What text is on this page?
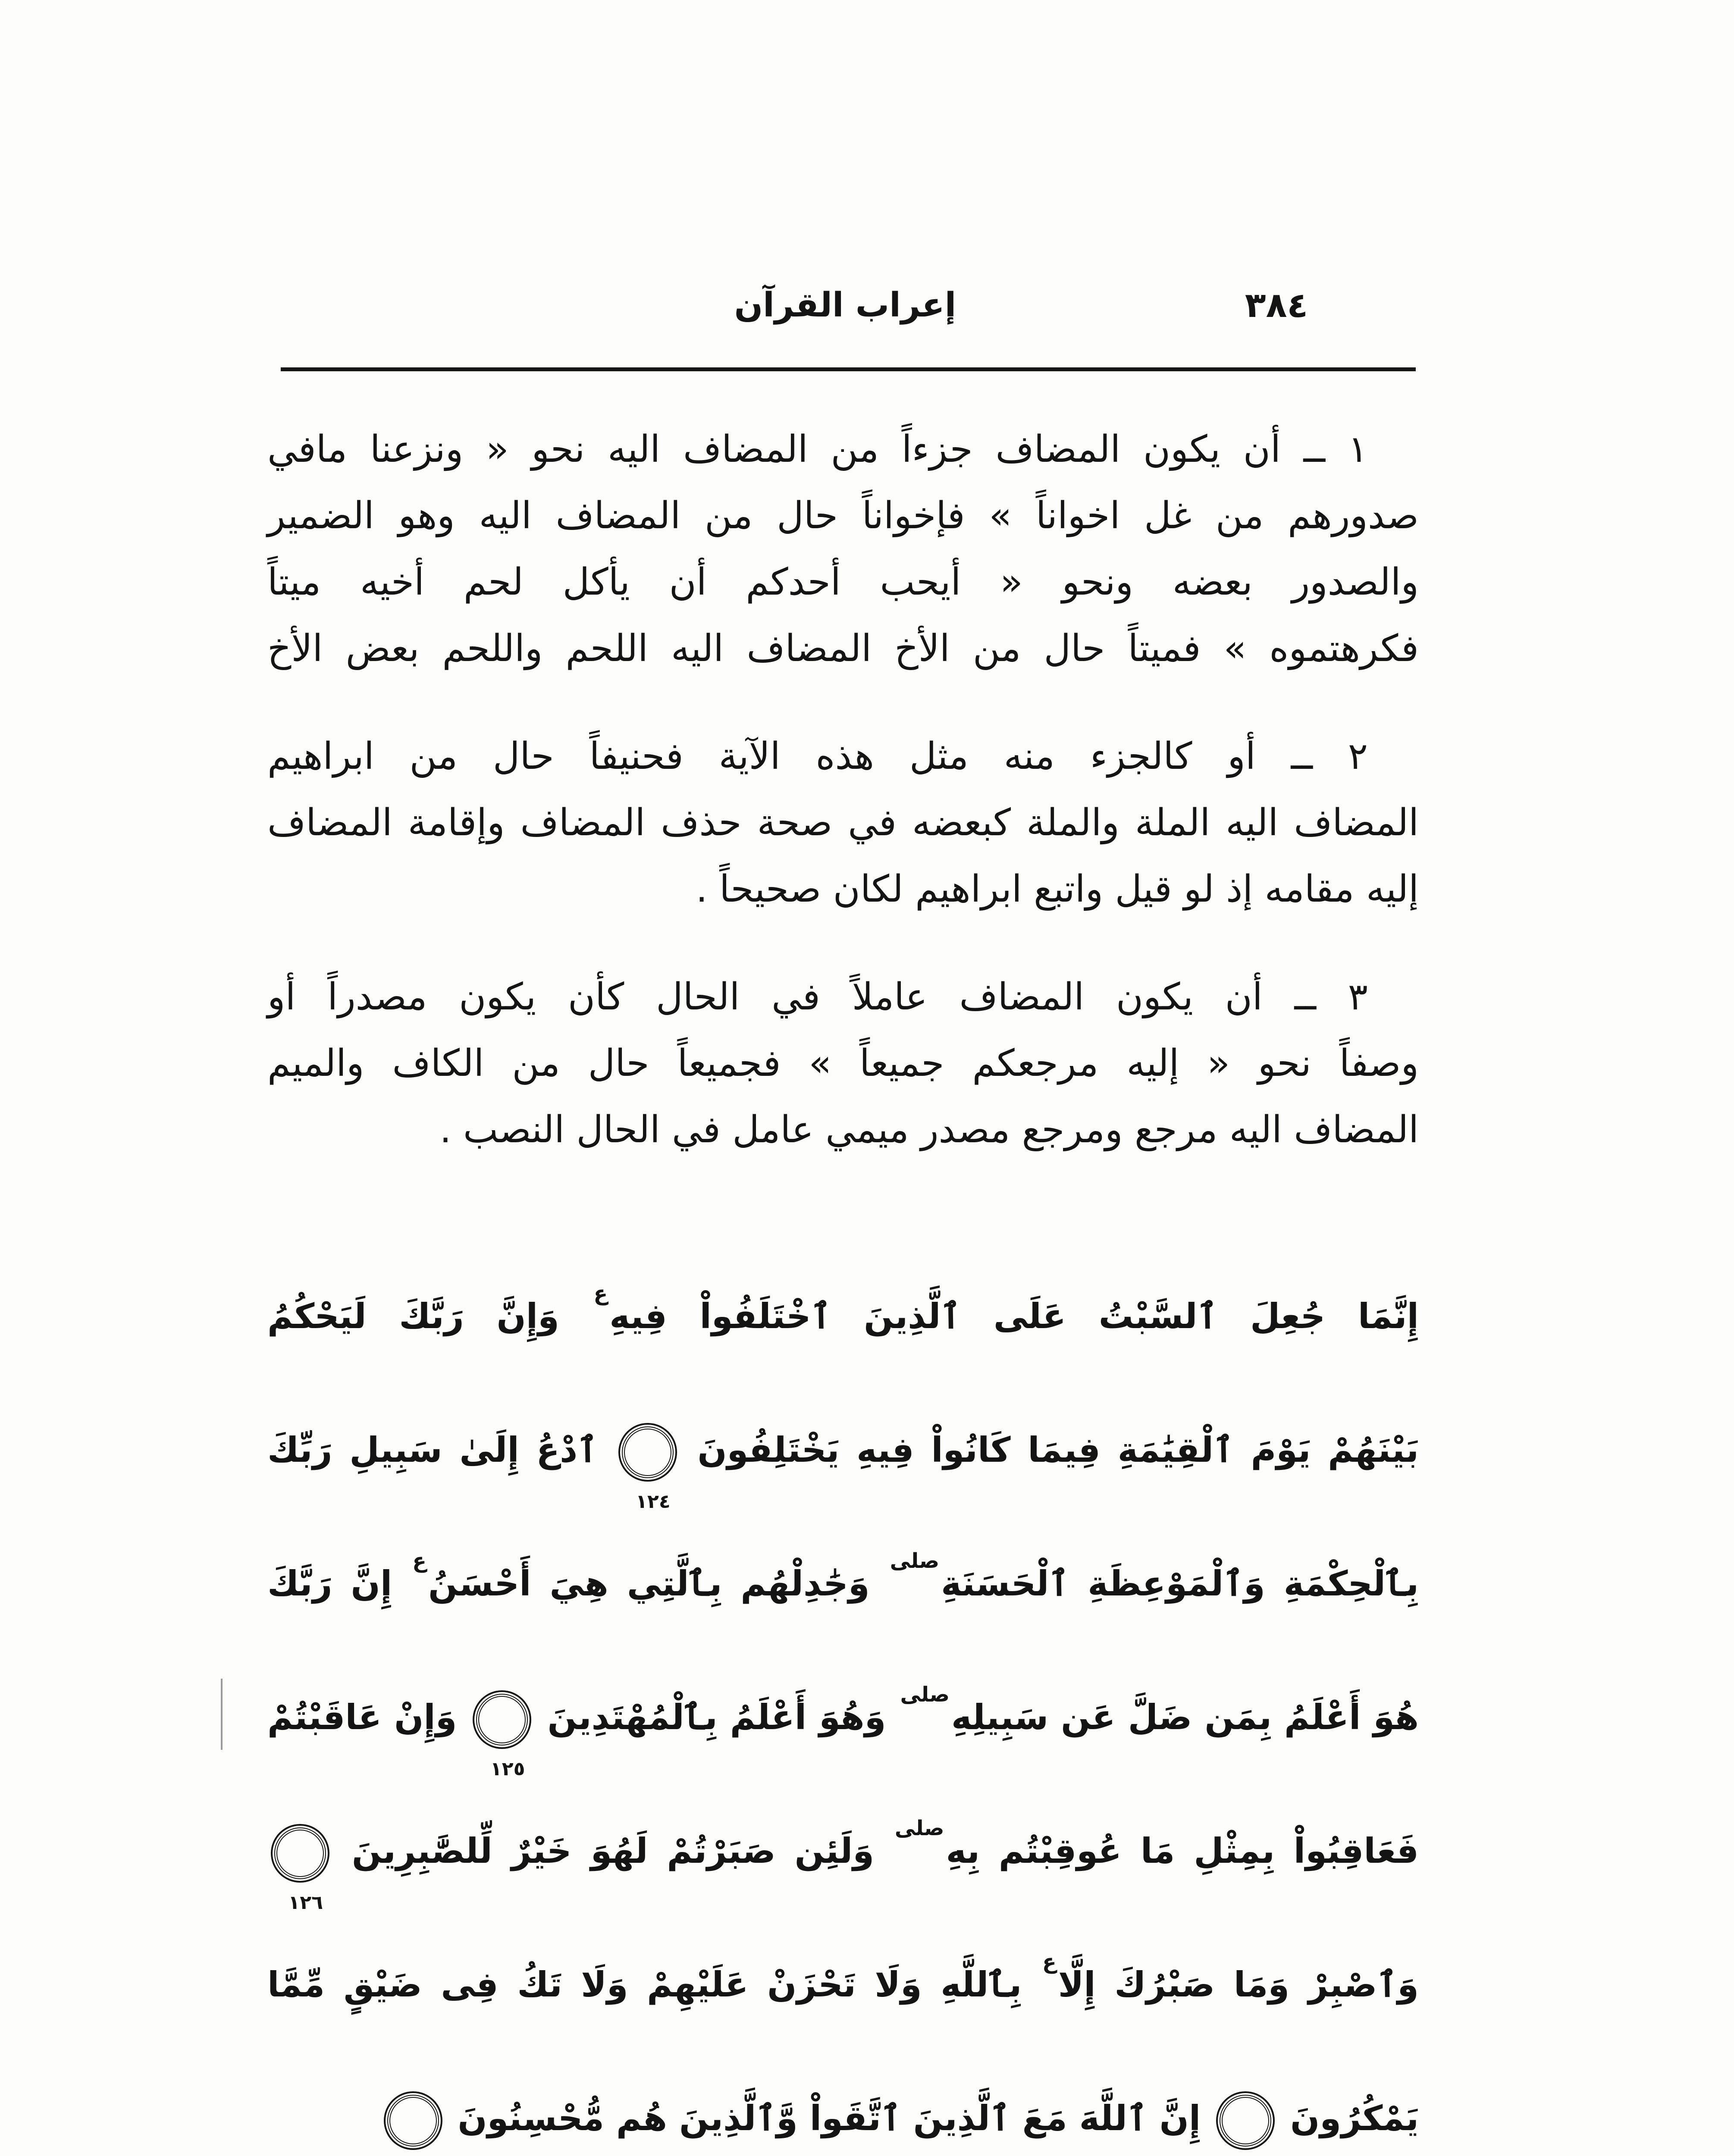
إعراب القرآن	٣٨٤
١ ــ أن يكون المضاف جزءاً من المضاف اليه نحو « ونزعنا مافي
صدورهم من غل اخواناً » فإخواناً حال من المضاف اليه وهو الضمير
والصدور بعضه ونحو « أيحب أحدكم أن يأكل لحم أخيه ميتاً
فكرهتموه » فميتاً حال من الأخ المضاف اليه اللحم واللحم بعض الأخ
٢ ــ أو كالجزء منه مثل هذه الآية فحنيفاً حال من ابراهيم
المضاف اليه الملة والملة كبعضه في صحة حذف المضاف وإقامة المضاف
إليه مقامه إذ لو قيل واتبع ابراهيم لكان صحيحاً .
٣ ــ أن يكون المضاف عاملاً في الحال كأن يكون مصدراً أو
وصفاً نحو « إليه مرجعكم جميعاً » فجميعاً حال من الكاف والميم
المضاف اليه مرجع ومرجع مصدر ميمي عامل في الحال النصب .
إِنَّمَا جُعِلَ ٱلسَّبْتُ عَلَى ٱلَّذِينَ ٱخْتَلَفُواْ فِيهِع وَإِنَّ رَبَّكَ لَيَحْكُمُ
بَيْنَهُمْ يَوْمَ ٱلْقِيَٰمَةِ فِيمَا كَانُواْ فِيهِ يَخْتَلِفُونَ ١٢٤ ٱدْعُ إِلَىٰ سَبِيلِ رَبِّكَ
بِٱلْحِكْمَةِ وَٱلْمَوْعِظَةِ ٱلْحَسَنَةِصلى وَجَٰدِلْهُم بِٱلَّتِي هِيَ أَحْسَنُع إِنَّ رَبَّكَ
هُوَ أَعْلَمُ بِمَن ضَلَّ عَن سَبِيلِهِصلى وَهُوَ أَعْلَمُ بِٱلْمُهْتَدِينَ ١٢٥ وَإِنْ عَاقَبْتُمْ
فَعَاقِبُواْ بِمِثْلِ مَا عُوقِبْتُم بِهِصلى وَلَئِن صَبَرْتُمْ لَهُوَ خَيْرٌ لِّلصَّٰبِرِينَ ١٢٦
وَٱصْبِرْ وَمَا صَبْرُكَ إِلَّاع بِٱللَّهِ وَلَا تَحْزَنْ عَلَيْهِمْ وَلَا تَكُ فِى ضَيْقٍ مِّمَّا
يَمْكُرُونَ  إِنَّ ٱللَّهَ مَعَ ٱلَّذِينَ ٱتَّقَواْ وَّٱلَّذِينَ هُم مُّحْسِنُونَ
